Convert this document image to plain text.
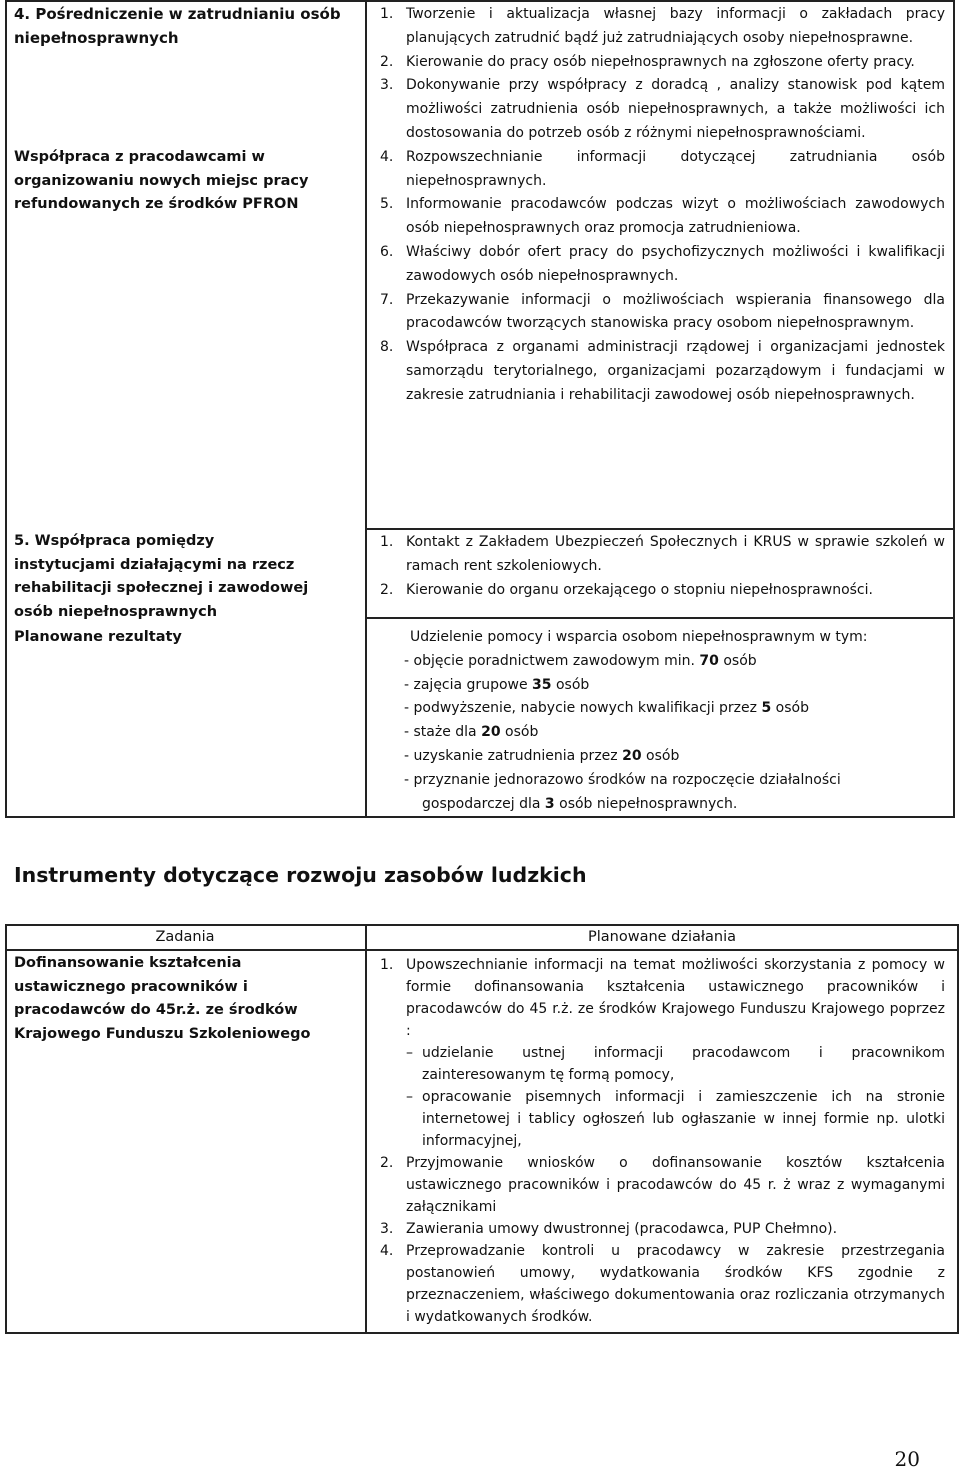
4. Pośredniczenie w zatrudnianiu osób niepełnosprawnych
Współpraca z pracodawcami w organizowaniu nowych miejsc pracy refundowanych ze środków PFRON
5. Współpraca pomiędzy instytucjami działającymi na rzecz rehabilitacji społecznej i zawodowej osób niepełnosprawnych
Planowane rezultaty
1. Tworzenie i aktualizacja własnej bazy informacji o zakładach pracy planujących zatrudnić bądź już zatrudniających osoby niepełnosprawne.
2. Kierowanie do pracy osób niepełnosprawnych na zgłoszone oferty pracy.
3. Dokonywanie przy współpracy z doradcą , analizy stanowisk pod kątem możliwości zatrudnienia osób niepełnosprawnych, a także możliwości ich dostosowania do potrzeb osób z różnymi niepełnosprawnościami.
4. Rozpowszechnianie informacji dotyczącej zatrudniania osób niepełnosprawnych.
5. Informowanie pracodawców podczas wizyt o możliwościach zawodowych osób niepełnosprawnych oraz promocja zatrudnieniowa.
6. Właściwy dobór ofert pracy do psychofizycznych możliwości i kwalifikacji zawodowych osób niepełnosprawnych.
7. Przekazywanie informacji o możliwościach wspierania finansowego dla pracodawców tworzących stanowiska pracy osobom niepełnosprawnym.
8. Współpraca z organami administracji rządowej i organizacjami jednostek samorządu terytorialnego, organizacjami pozarządowym i fundacjami w zakresie zatrudniania i rehabilitacji zawodowej osób niepełnosprawnych.
1. Kontakt z Zakładem Ubezpieczeń Społecznych i KRUS w sprawie szkoleń w ramach rent szkoleniowych.
2. Kierowanie do organu orzekającego o stopniu niepełnosprawności.
Udzielenie pomocy i wsparcia osobom niepełnosprawnym w tym:
- objęcie poradnictwem zawodowym min. 70 osób
- zajęcia grupowe 35 osób
- podwyższenie, nabycie nowych kwalifikacji przez 5 osób
- staże dla 20 osób
- uzyskanie zatrudnienia przez 20 osób
- przyznanie jednorazowo środków na rozpoczęcie działalności
gospodarczej dla 3 osób niepełnosprawnych.
Instrumenty dotyczące rozwoju zasobów ludzkich
Zadania	Planowane działania
Dofinansowanie kształcenia ustawicznego pracowników i pracodawców do 45r.ż. ze środków Krajowego Funduszu Szkoleniowego
1. Upowszechnianie informacji na temat możliwości skorzystania z pomocy w formie dofinansowania kształcenia ustawicznego pracowników i pracodawców do 45 r.ż. ze środków Krajowego Funduszu Krajowego poprzez :
– udzielanie ustnej informacji pracodawcom i pracownikom zainteresowanym tę formą pomocy,
– opracowanie pisemnych informacji i zamieszczenie ich na stronie internetowej i tablicy ogłoszeń lub ogłaszanie w innej formie np. ulotki informacyjnej,
2. Przyjmowanie wniosków o dofinansowanie kosztów kształcenia ustawicznego pracowników i pracodawców do 45 r. ż wraz z wymaganymi załącznikami
3. Zawierania umowy dwustronnej (pracodawca, PUP Chełmno).
4. Przeprowadzanie kontroli u pracodawcy w zakresie przestrzegania postanowień umowy, wydatkowania środków KFS zgodnie z przeznaczeniem, właściwego dokumentowania oraz rozliczania otrzymanych i wydatkowanych środków.
20
